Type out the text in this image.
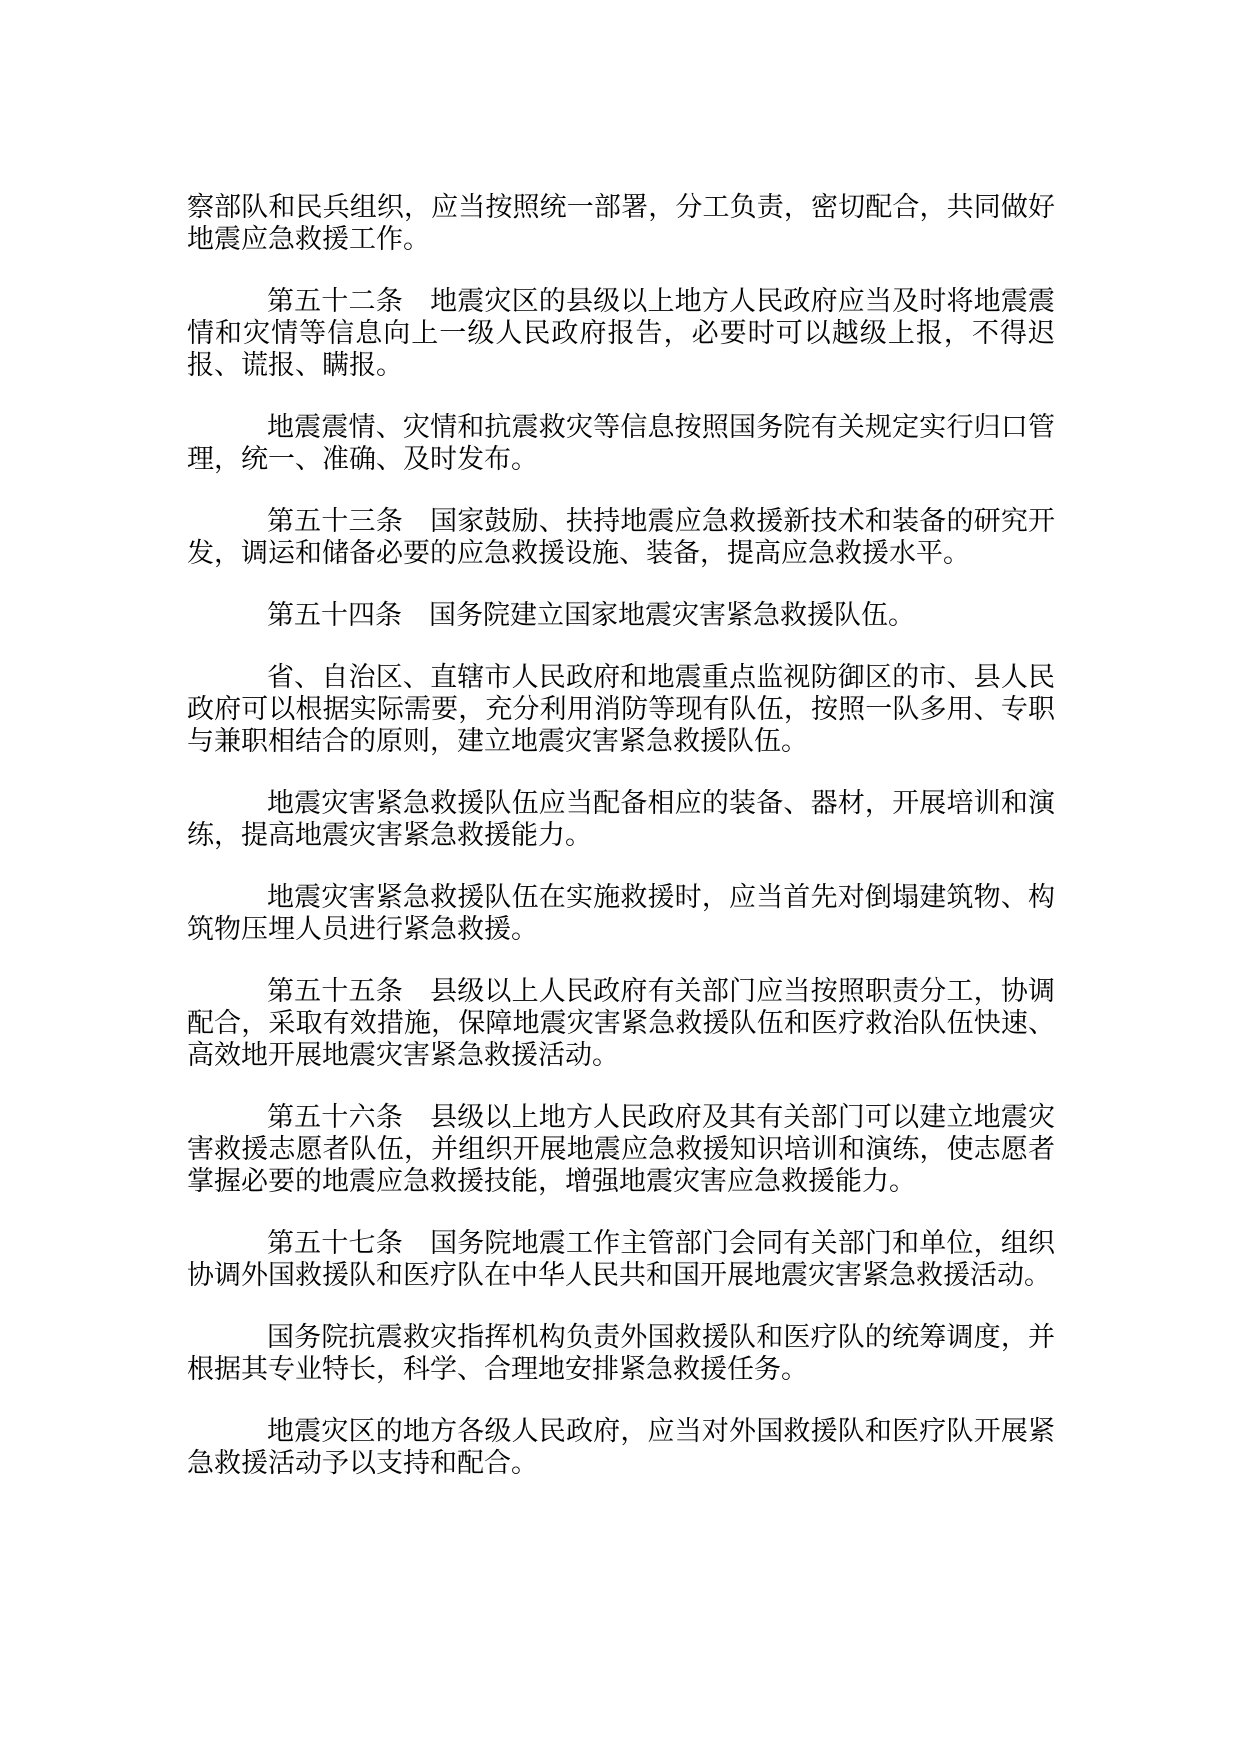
察部队和民兵组织，应当按照统一部署，分工负责，密切配合，共同做好地震应急救援工作。

第五十二条　地震灾区的县级以上地方人民政府应当及时将地震震情和灾情等信息向上一级人民政府报告，必要时可以越级上报，不得迟报、谎报、瞒报。

地震震情、灾情和抗震救灾等信息按照国务院有关规定实行归口管理，统一、准确、及时发布。

第五十三条　国家鼓励、扶持地震应急救援新技术和装备的研究开发，调运和储备必要的应急救援设施、装备，提高应急救援水平。

第五十四条　国务院建立国家地震灾害紧急救援队伍。

省、自治区、直辖市人民政府和地震重点监视防御区的市、县人民政府可以根据实际需要，充分利用消防等现有队伍，按照一队多用、专职与兼职相结合的原则，建立地震灾害紧急救援队伍。

地震灾害紧急救援队伍应当配备相应的装备、器材，开展培训和演练，提高地震灾害紧急救援能力。

地震灾害紧急救援队伍在实施救援时，应当首先对倒塌建筑物、构筑物压埋人员进行紧急救援。

第五十五条　县级以上人民政府有关部门应当按照职责分工，协调配合，采取有效措施，保障地震灾害紧急救援队伍和医疗救治队伍快速、高效地开展地震灾害紧急救援活动。

第五十六条　县级以上地方人民政府及其有关部门可以建立地震灾害救援志愿者队伍，并组织开展地震应急救援知识培训和演练，使志愿者掌握必要的地震应急救援技能，增强地震灾害应急救援能力。

第五十七条　国务院地震工作主管部门会同有关部门和单位，组织协调外国救援队和医疗队在中华人民共和国开展地震灾害紧急救援活动。

国务院抗震救灾指挥机构负责外国救援队和医疗队的统筹调度，并根据其专业特长，科学、合理地安排紧急救援任务。

地震灾区的地方各级人民政府，应当对外国救援队和医疗队开展紧急救援活动予以支持和配合。
